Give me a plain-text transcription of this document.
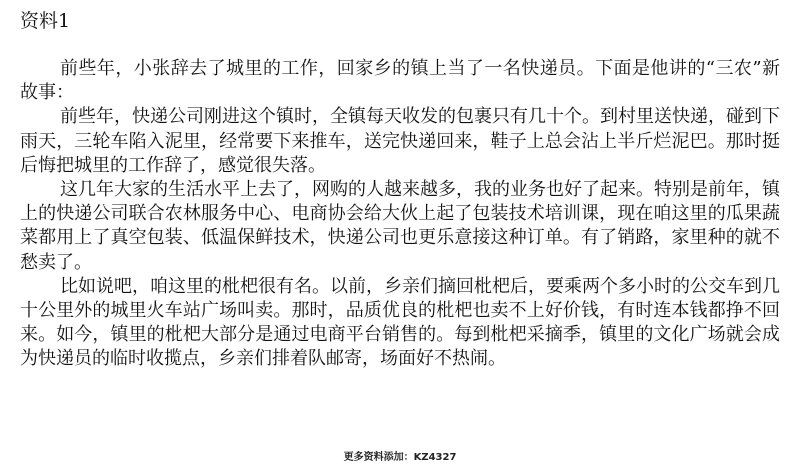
资料1

前些年，小张辞去了城里的工作，回家乡的镇上当了一名快递员。下面是他讲的“三农”新故事：

前些年，快递公司刚进这个镇时，全镇每天收发的包裹只有几十个。到村里送快递，碰到下雨天，三轮车陷入泥里，经常要下来推车，送完快递回来，鞋子上总会沾上半斤烂泥巴。那时挺后悔把城里的工作辞了，感觉很失落。

这几年大家的生活水平上去了，网购的人越来越多，我的业务也好了起来。特别是前年，镇上的快递公司联合农林服务中心、电商协会给大伙上起了包装技术培训课，现在咱这里的瓜果蔬菜都用上了真空包装、低温保鲜技术，快递公司也更乐意接这种订单。有了销路，家里种的就不愁卖了。

比如说吧，咱这里的枇杷很有名。以前，乡亲们摘回枇杷后，要乘两个多小时的公交车到几十公里外的城里火车站广场叫卖。那时，品质优良的枇杷也卖不上好价钱，有时连本钱都挣不回来。如今，镇里的枇杷大部分是通过电商平台销售的。每到枇杷采摘季，镇里的文化广场就会成为快递员的临时收揽点，乡亲们排着队邮寄，场面好不热闹。

更多资料添加：KZ4327
